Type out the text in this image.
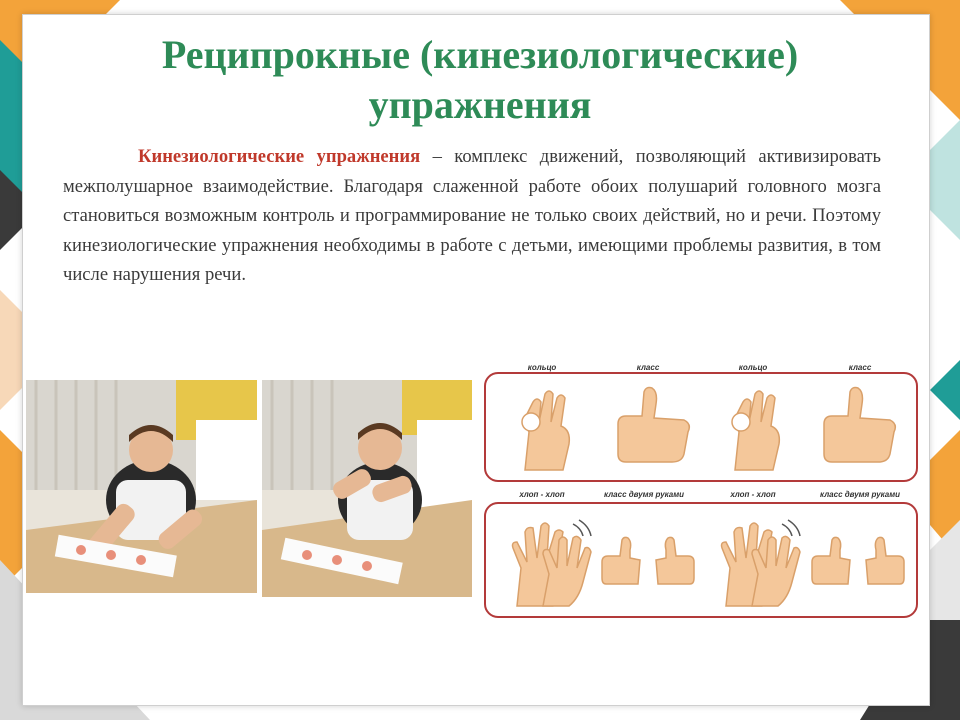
Реципрокные (кинезиологические)
упражнения

Кинезиологические упражнения – комплекс движений, позволяющий активизировать межполушарное взаимодействие. Благодаря слаженной работе обоих полушарий головного мозга становиться возможным контроль и программирование не только своих действий, но и речи. Поэтому кинезиологические упражнения необходимы в работе с детьми, имеющими проблемы развития, в том числе нарушения речи.

кольцо	класс	кольцо	класс
хлоп - хлоп	класс двумя руками	хлоп - хлоп	класс двумя руками
